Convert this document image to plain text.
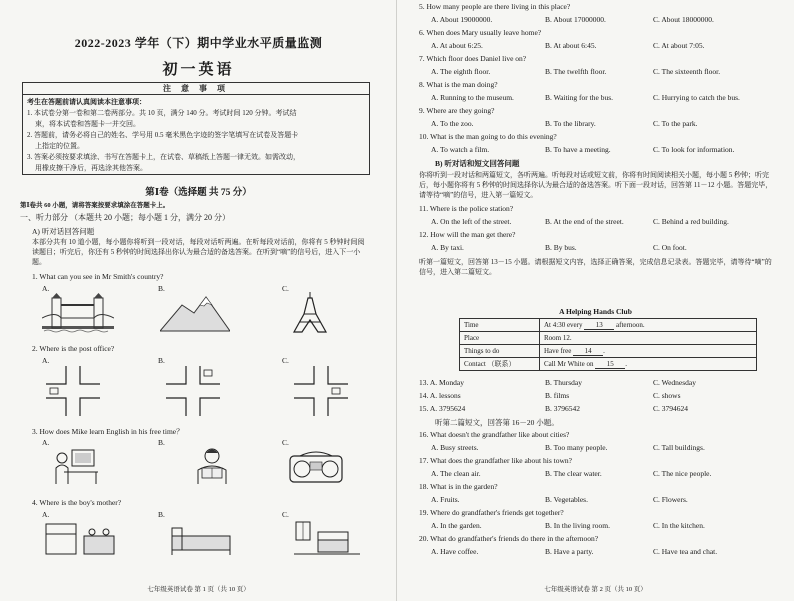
2022-2023 学年（下）期中学业水平质量监测
初一英语
注 意 事 项
考生在答题前请认真阅读本注意事项：
1. 本试卷分第一卷和第二卷两部分。共 10 页，满分 140 分。考试时间 120 分钟。考试结
束，将本试卷和答题卡一并交回。
2. 答题前，请务必将自己的姓名、学号用 0.5 毫米黑色字迹的签字笔填写在试卷及答题卡
上指定的位置。
3. 答案必须按要求填涂、书写在答题卡上，在试卷、草稿纸上答题一律无效。如需改动，
用橡皮擦干净后，再选涂其他答案。
第Ⅰ卷（选择题 共 75 分）
第Ⅰ卷共 60 小题，请将答案按要求填涂在答题卡上。
一、听力部分 （本题共 20 小题；每小题 1 分，满分 20 分）
A) 听对话回答问题
本部分共有 10 道小题，每小题你将听到一段对话，每段对话听两遍。在听每段对话前，你将有 5 秒钟时间阅读题目；听完后，你还有 5 秒钟的时间选择出你认为最合适的备选答案。在听到“嘀”的信号后，进入下一小题。
1. What can you see in Mr Smith's country?
A.	B.	C.
2. Where is the post office?
A.	B.	C.
3. How does Mike learn English in his free time？
A.	B.	C.
4. Where is the boy's mother?
A.	B.	C.
七年级英语试卷 第 1 页（共 10 页）
5. How many people are there living in this place?
A. About 19000000.	B. About 17000000.	C. About 18000000.
6. When does Mary usually leave home?
A. At about 6:25.	B. At about 6:45.	C. At about 7:05.
7. Which floor does Daniel live on?
A. The eighth floor.	B. The twelfth floor.	C. The sixteenth floor.
8. What is the man doing?
A. Running to the museum.	B. Waiting for the bus.	C. Hurrying to catch the bus.
9. Where are they going?
A. To the zoo.	B. To the library.	C. To the park.
10. What is the man going to do this evening?
A. To watch a film.	B. To have a meeting.	C. To look for information.
B) 听对话和短文回答问题
你将听到一段对话和两篇短文，各听两遍。听每段对话或短文前，你将有时间阅读相关小题，每小题 5 秒钟；听完后，每小题你将有 5 秒钟的时间选择你认为最合适的备选答案。听下面一段对话，回答第 11－12 小题。答题完毕，请等待“嘀”的信号，进入第一篇短文。
11. Where is the police station?
A. On the left of the street.	B. At the end of the street.	C. Behind a red building.
12. How will the man get there?
A. By taxi.	B. By bus.	C. On foot.
听第一篇短文，回答第 13－15 小题。请根据短文内容，选择正确答案，完成信息记录表。答题完毕，请等待“嘀”的信号，进入第二篇短文。
A Helping Hands Club
Time	At 4:30 every 13 afternoon.
Place	Room 12.
Things to do	Have free 14 .
Contact （联系）	Call Mr White on 15 .
13. A. Monday	B. Thursday	C. Wednesday
14. A. lessons	B. films	C. shows
15. A. 3795624	B. 3796542	C. 3794624
听第二篇短文，回答第 16－20 小题。
16. What doesn't the grandfather like about cities?
A. Busy streets.	B. Too many people.	C. Tall buildings.
17. What does the grandfather like about his town?
A. The clean air.	B. The clear water.	C. The nice people.
18. What is in the garden?
A. Fruits.	B. Vegetables.	C. Flowers.
19. Where do grandfather's friends get together?
A. In the garden.	B. In the living room.	C. In the kitchen.
20. What do grandfather's friends do there in the afternoon?
A. Have coffee.	B. Have a party.	C. Have tea and chat.
七年级英语试卷 第 2 页（共 10 页）
